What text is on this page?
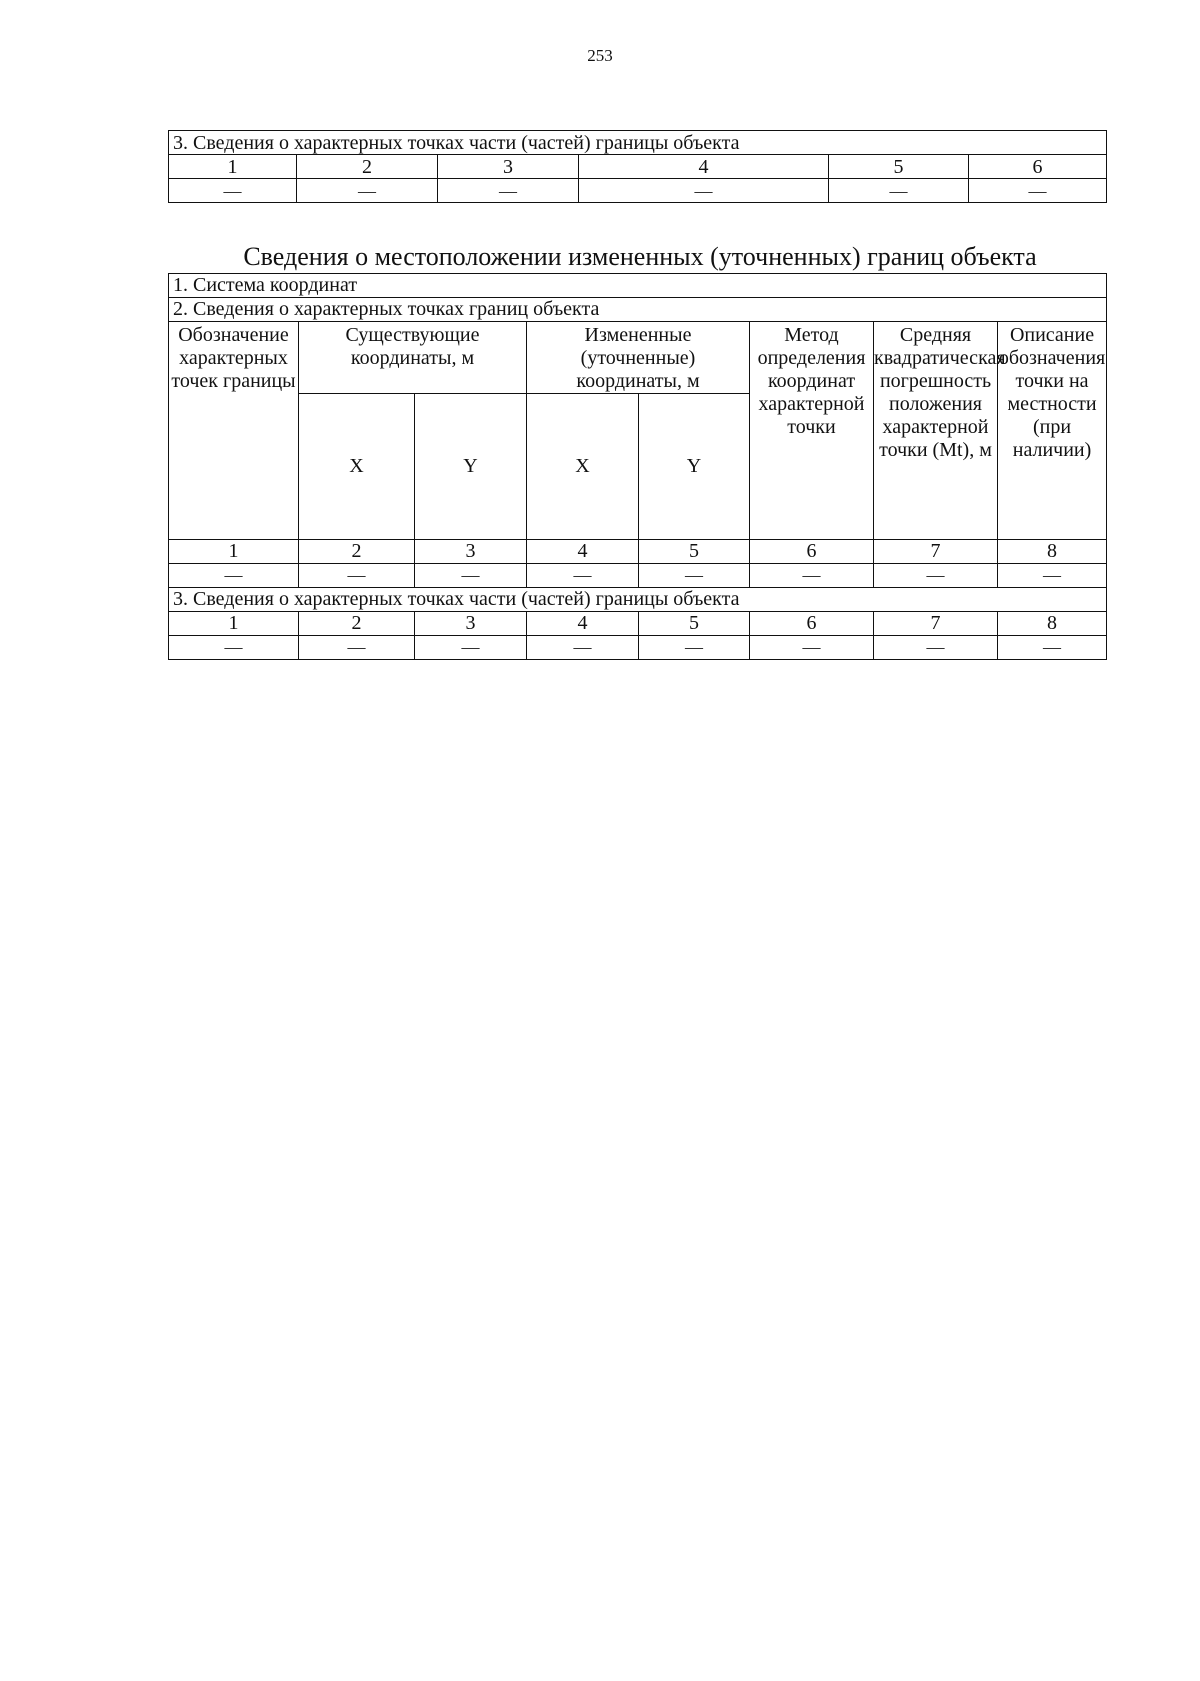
253
3. Сведения о характерных точках части (частей) границы объекта					
1	2	3	4	5	6
—	—	—	—	—	—
Сведения о местоположении измененных (уточненных) границ объекта
1. Система координат							
2. Сведения о характерных точках границ объекта							
Обозначение характерных точек границы	Существующие координаты, м		Измененные (уточненные) координаты, м		Метод определения координат характерной точки	Средняя квадратическая погрешность положения характерной точки (Mt), м	Описание обозначения точки на местности (при наличии)
	X	Y	X	Y			
1	2	3	4	5	6	7	8
—	—	—	—	—	—	—	—
3. Сведения о характерных точках части (частей) границы объекта							
1	2	3	4	5	6	7	8
—	—	—	—	—	—	—	—
